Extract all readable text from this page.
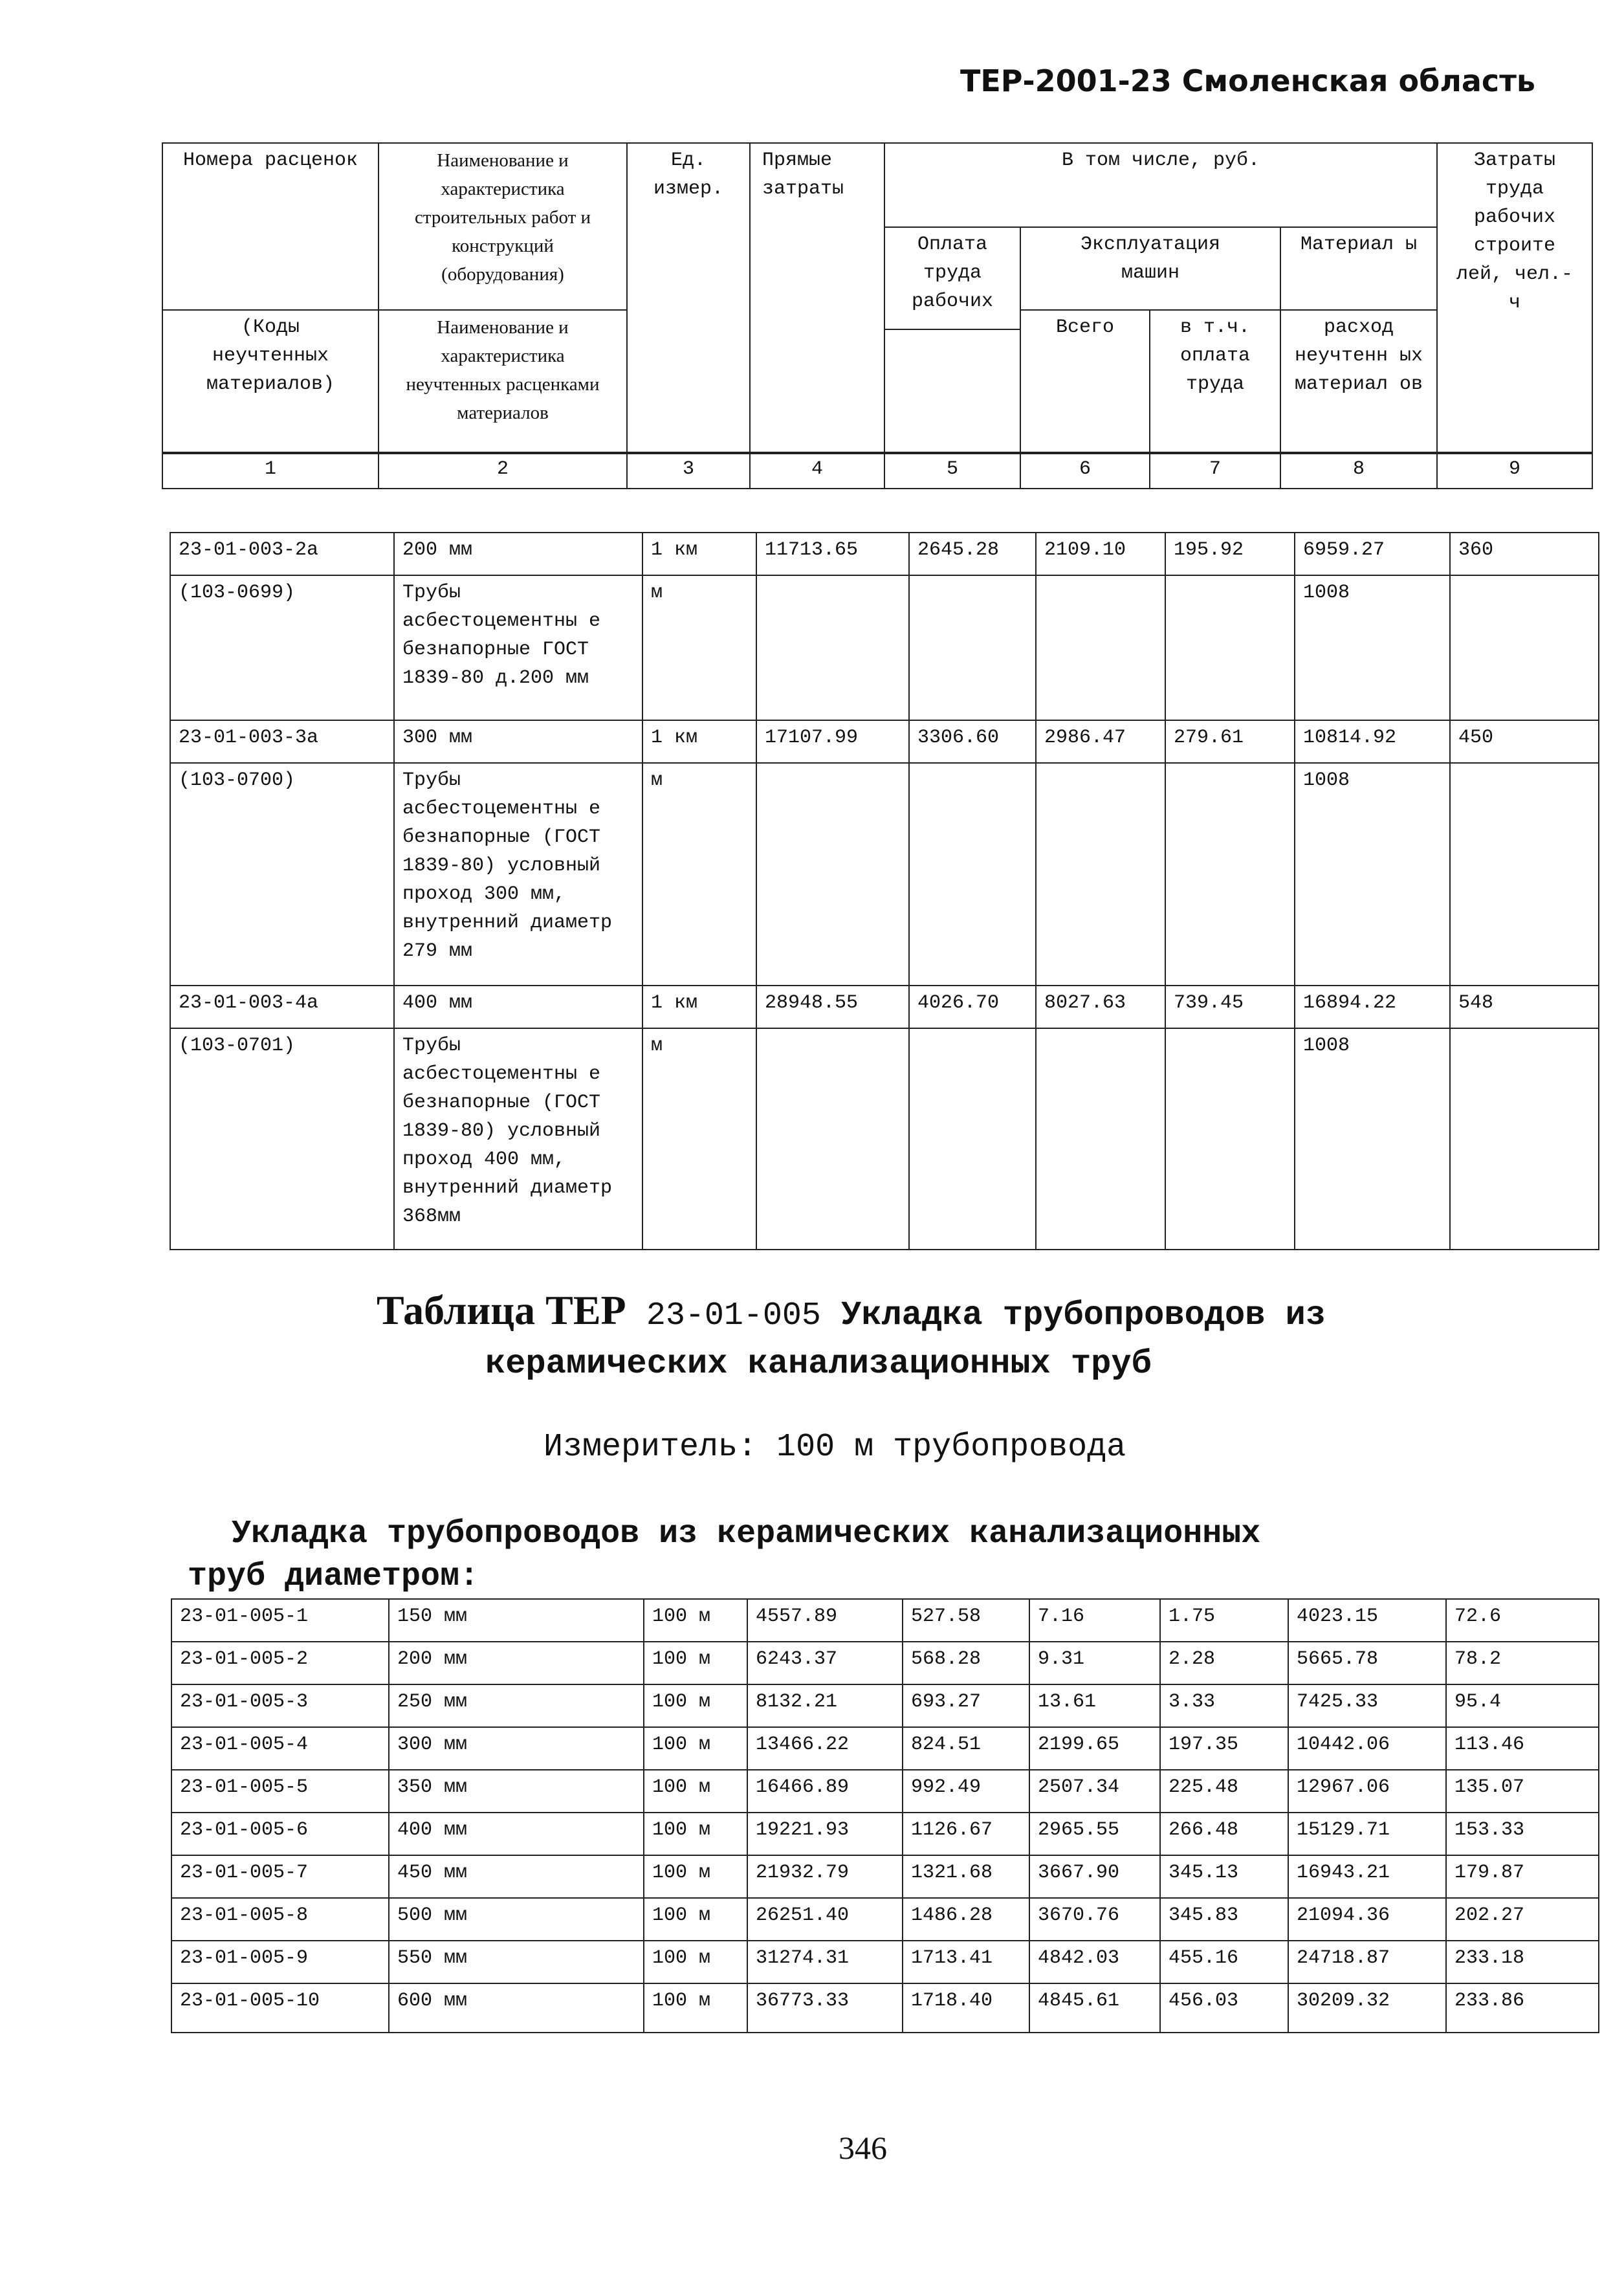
ТЕР-2001-23 Смоленская область
Номера расценок	Наименование и характеристика строительных работ и конструкций (оборудования)	Ед. измер.	Прямые затраты	В том числе, руб.				Затраты труда рабочих строите лей, чел.-ч
				Оплата труда рабочих	Эксплуатация машин		Материал ы	
(Коды неучтенных материалов)	Наименование и характеристика неучтенных расценками материалов				Всего	в т.ч. оплата труда	расход неучтенн ых материал ов	

1	2	3	4	5	6	7	8	9
23-01-003-2а	200 мм	1 км	11713.65	2645.28	2109.10	195.92	6959.27	360
(103-0699)	Трубы асбестоцементны е безнапорные ГОСТ 1839-80 д.200 мм	м					1008	
23-01-003-3а	300 мм	1 км	17107.99	3306.60	2986.47	279.61	10814.92	450
(103-0700)	Трубы асбестоцементны е безнапорные (ГОСТ 1839-80) условный проход 300 мм, внутренний диаметр 279 мм	м					1008	
23-01-003-4а	400 мм	1 км	28948.55	4026.70	8027.63	739.45	16894.22	548
(103-0701)	Трубы асбестоцементны е безнапорные (ГОСТ 1839-80) условный проход 400 мм, внутренний диаметр 368мм	м					1008	
Таблица ТЕР 23-01-005 Укладка трубопроводов из
керамических канализационных труб
Измеритель: 100 м трубопровода
Укладка трубопроводов из керамических канализационных
труб диаметром:
23-01-005-1	150 мм	100 м	4557.89	527.58	7.16	1.75	4023.15	72.6
23-01-005-2	200 мм	100 м	6243.37	568.28	9.31	2.28	5665.78	78.2
23-01-005-3	250 мм	100 м	8132.21	693.27	13.61	3.33	7425.33	95.4
23-01-005-4	300 мм	100 м	13466.22	824.51	2199.65	197.35	10442.06	113.46
23-01-005-5	350 мм	100 м	16466.89	992.49	2507.34	225.48	12967.06	135.07
23-01-005-6	400 мм	100 м	19221.93	1126.67	2965.55	266.48	15129.71	153.33
23-01-005-7	450 мм	100 м	21932.79	1321.68	3667.90	345.13	16943.21	179.87
23-01-005-8	500 мм	100 м	26251.40	1486.28	3670.76	345.83	21094.36	202.27
23-01-005-9	550 мм	100 м	31274.31	1713.41	4842.03	455.16	24718.87	233.18
23-01-005-10	600 мм	100 м	36773.33	1718.40	4845.61	456.03	30209.32	233.86
346
